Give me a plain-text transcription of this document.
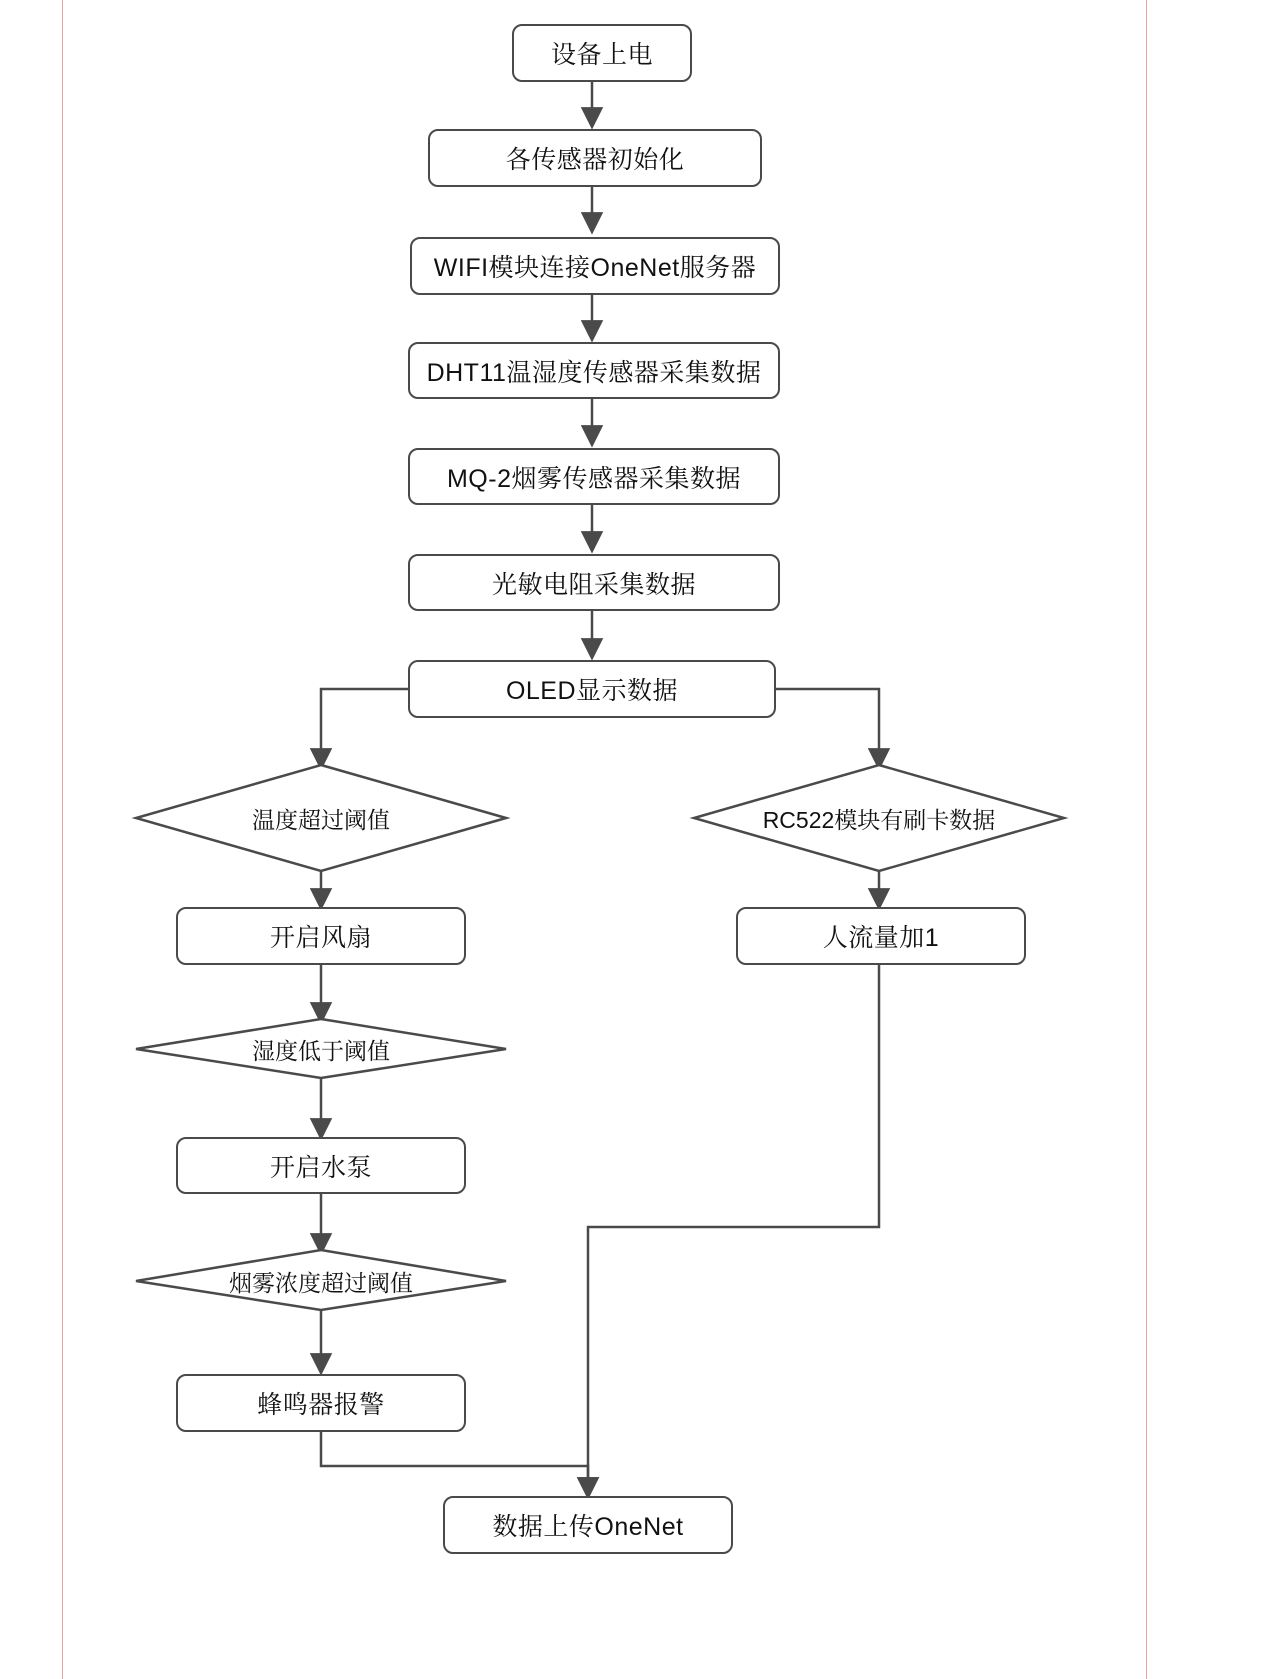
设备上电
各传感器初始化
WIFI模块连接OneNet服务器
DHT11温湿度传感器采集数据
MQ-2烟雾传感器采集数据
光敏电阻采集数据
OLED显示数据
温度超过阈值	RC522模块有刷卡数据
开启风扇	人流量加1
湿度低于阈值
开启水泵
烟雾浓度超过阈值
蜂鸣器报警
数据上传OneNet
